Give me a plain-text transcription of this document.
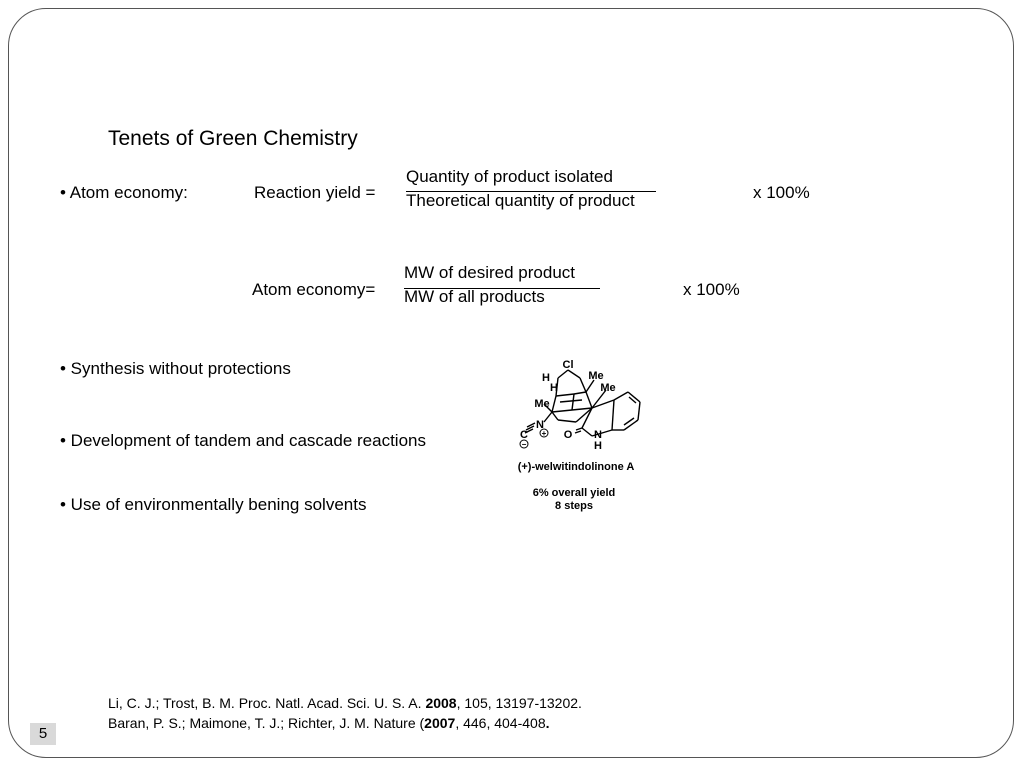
Tenets of Green Chemistry
• Atom economy:	Reaction yield =
Quantity of product isolated
Theoretical quantity of product	x 100%
Atom economy=
MW of desired product
MW of all products	x 100%
• Synthesis without protections
• Development of tandem and cascade reactions
• Use of environmentally bening solvents
Cl
H
H
Me
Me
Me
N
C +
−
O N
H
(+)-welwitindolinone A
6% overall yield
8 steps
Li, C. J.; Trost, B. M. Proc. Natl. Acad. Sci. U. S. A. 2008, 105, 13197-13202.
Baran, P. S.; Maimone, T. J.; Richter, J. M. Nature (2007, 446, 404-408.
5
